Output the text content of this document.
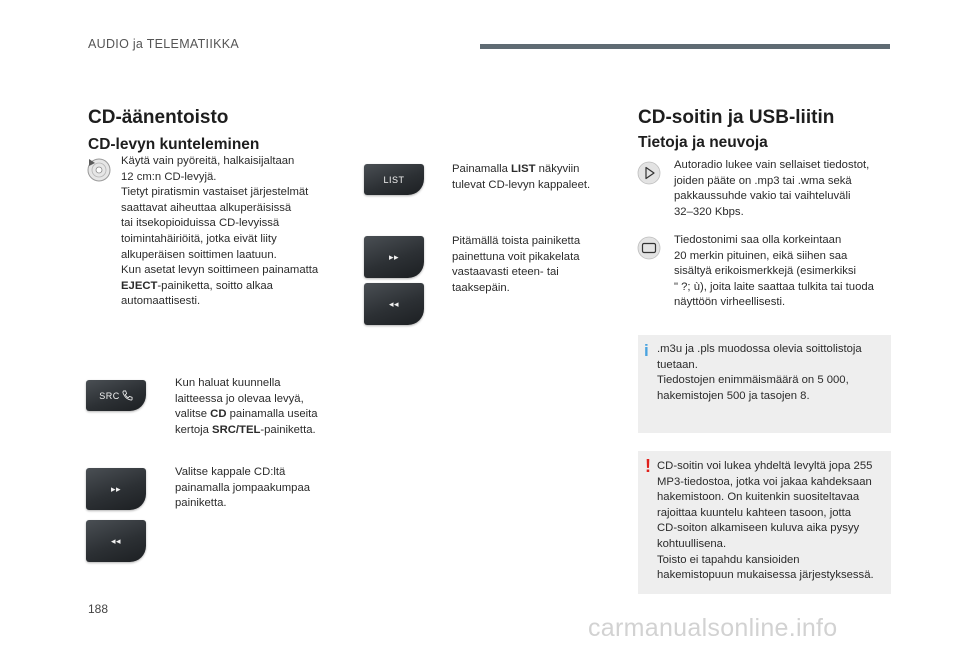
AUDIO ja TELEMATIIKKA
CD-äänentoisto
CD-levyn kunteleminen
Käytä vain pyöreitä, halkaisijaltaan
12 cm:n CD-levyjä.
Tietyt piratismin vastaiset järjestelmät
saattavat aiheuttaa alkuperäisissä
tai itsekopioiduissa CD-levyissä
toimintahäiriöitä, jotka eivät liity
alkuperäisen soittimen laatuun.
Kun asetat levyn soittimeen painamatta
EJECT-painiketta, soitto alkaa
automaattisesti.
SRC
Kun haluat kuunnella
laitteessa jo olevaa levyä,
valitse CD painamalla useita
kertoja SRC/TEL-painiketta.
▸▸
◂◂
Valitse kappale CD:ltä
painamalla jompaakumpaa
painiketta.
LIST
Painamalla LIST näkyviin
tulevat CD-levyn kappaleet.
▸▸
◂◂
Pitämällä toista painiketta
painettuna voit pikakelata
vastaavasti eteen- tai
taaksepäin.
CD-soitin ja USB-liitin
Tietoja ja neuvoja
Autoradio lukee vain sellaiset tiedostot,
joiden pääte on .mp3 tai .wma sekä
pakkaussuhde vakio tai vaihteluväli
32–320 Kbps.
Tiedostonimi saa olla korkeintaan
20 merkin pituinen, eikä siihen saa
sisältyä erikoismerkkejä (esimerkiksi
" ?; ù), joita laite saattaa tulkita tai tuoda
näyttöön virheellisesti.
i .m3u ja .pls muodossa olevia soittolistoja
tuetaan.
Tiedostojen enimmäismäärä on 5 000,
hakemistojen 500 ja tasojen 8.
! CD-soitin voi lukea yhdeltä levyltä jopa 255
MP3-tiedostoa, jotka voi jakaa kahdeksaan
hakemistoon. On kuitenkin suositeltavaa
rajoittaa kuuntelu kahteen tasoon, jotta
CD-soiton alkamiseen kuluva aika pysyy
kohtuullisena.
Toisto ei tapahdu kansioiden
hakemistopuun mukaisessa järjestyksessä.
188
carmanualsonline.info
